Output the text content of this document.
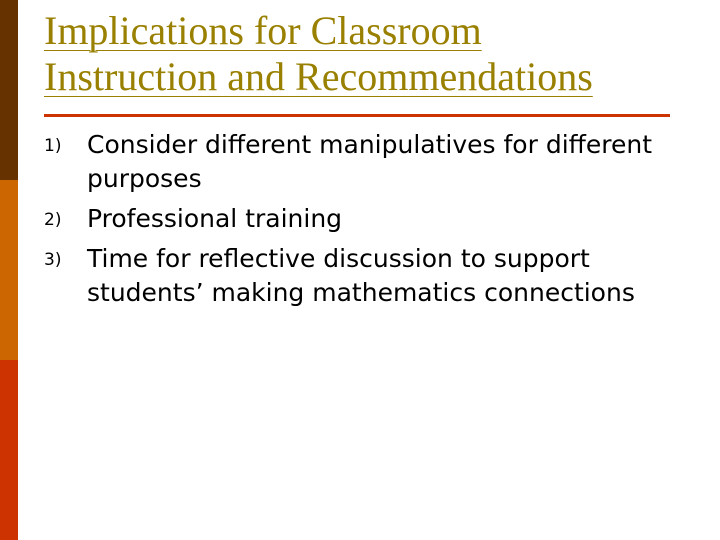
Implications for Classroom
Instruction and Recommendations
1) Consider different manipulatives for different purposes
2) Professional training
3) Time for reflective discussion to support students’ making mathematics connections
